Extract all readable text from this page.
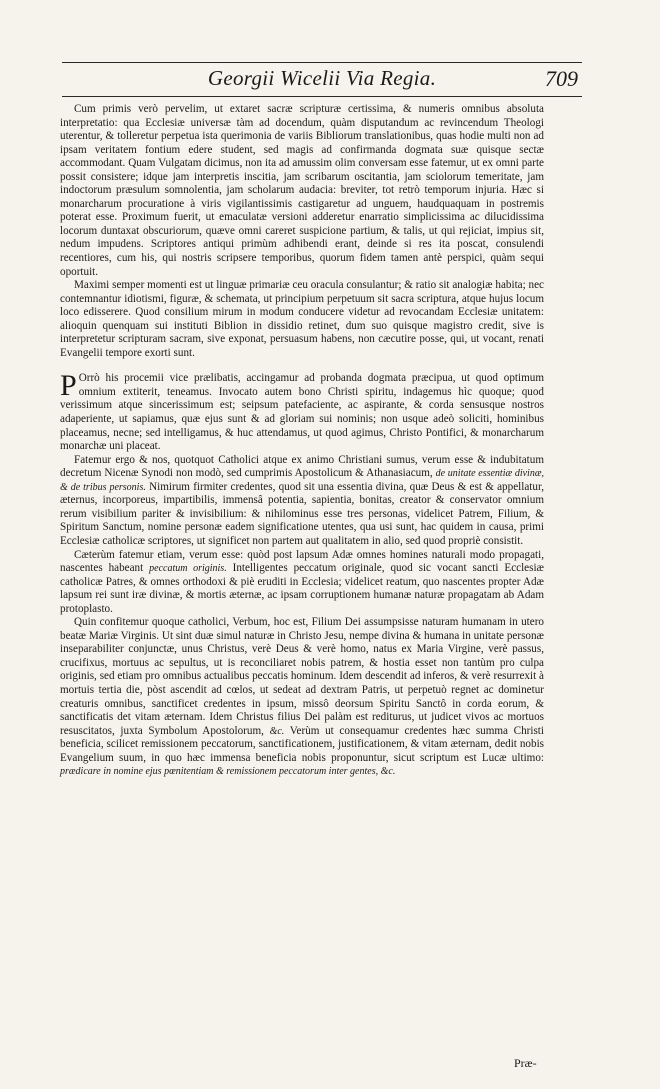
Georgii Wicelii Via Regia.	709

Cum primis verò pervelim, ut extaret sacræ scripturæ certissima, & numeris omnibus absoluta interpretatio: qua Ecclesiæ universæ tàm ad docendum, quàm disputandum ac revincendum Theologi uterentur, & tolleretur perpetua ista querimonia de variis Bibliorum translationibus, quas hodie multi non ad ipsam veritatem fontium edere student, sed magis ad confirmanda dogmata suæ quisque sectæ accommodant. Quam Vulgatam dicimus, non ita ad amussim olim conversam esse fatemur, ut ex omni parte possit consistere; idque jam interpretis inscitia, jam scribarum oscitantia, jam sciolorum temeritate, jam indoctorum præsulum somnolentia, jam scholarum audacia: breviter, tot retrò temporum injuria. Hæc si monarcharum procuratione à viris vigilantissimis castigaretur ad unguem, haudquaquam in postremis poterat esse. Proximum fuerit, ut emaculatæ versioni adderetur enarratio simplicissima ac dilucidissima locorum duntaxat obscuriorum, quæve omni careret suspicione partium, & talis, ut qui rejiciat, impius sit, nedum impudens. Scriptores antiqui primùm adhibendi erant, deinde si res ita poscat, consulendi recentiores, cum his, qui nostris scripsere temporibus, quorum fidem tamen antè perspici, quàm sequi oportuit.

Maximi semper momenti est ut linguæ primariæ ceu oracula consulantur; & ratio sit analogiæ habita; nec contemnantur idiotismi, figuræ, & schemata, ut principium perpetuum sit sacra scriptura, atque hujus locum loco edisserere. Quod consilium mirum in modum conducere videtur ad revocandam Ecclesiæ unitatem: alioquin quenquam sui instituti Biblion in dissidio retinet, dum suo quisque magistro credit, sive is interpretetur scripturam sacram, sive exponat, persuasum habens, non cæcutire posse, qui, ut vocant, renati Evangelii tempore exorti sunt.

P Orrò his procemii vice prælibatis, accingamur ad probanda dogmata præcipua, ut quod optimum omnium extiterit, teneamus. Invocato autem bono Christi spiritu, indagemus hìc quoque; quod verissimum atque sincerissimum est; seipsum patefaciente, ac aspirante, & corda sensusque nostros adaperiente, ut sapiamus, quæ ejus sunt & ad gloriam sui nominis; non usque adeò soliciti, hominibus placeamus, necne; sed intelligamus, & huc attendamus, ut quod agimus, Christo Pontifici, & monarcharum monarchæ uni placeat.

Fatemur ergo & nos, quotquot Catholici atque ex animo Christiani sumus, verum esse & indubitatum decretum Nicenæ Synodi non modò, sed cumprimis Apostolicum & Athanasiacum, de unitate essentiæ divinæ, & de tribus personis. Nimirum firmiter credentes, quod sit una essentia divina, quæ Deus & est & appellatur, æternus, incorporeus, impartibilis, immensâ potentia, sapientia, bonitas, creator & conservator omnium rerum visibilium pariter & invisibilium: & nihilominus esse tres personas, videlicet Patrem, Filium, & Spiritum Sanctum, nomine personæ eadem significatione utentes, qua usi sunt, hac quidem in causa, primi Ecclesiæ catholicæ scriptores, ut significet non partem aut qualitatem in alio, sed quod propriè consistit.

Cæterùm fatemur etiam, verum esse: quòd post lapsum Adæ omnes homines naturali modo propagati, nascentes habeant peccatum originis. Intelligentes peccatum originale, quod sic vocant sancti Ecclesiæ catholicæ Patres, & omnes orthodoxi & piè eruditi in Ecclesia; videlicet reatum, quo nascentes propter Adæ lapsum rei sunt iræ divinæ, & mortis æternæ, ac ipsam corruptionem humanæ naturæ propagatam ab Adam protoplasto.

Quin confitemur quoque catholici, Verbum, hoc est, Filium Dei assumpsisse naturam humanam in utero beatæ Mariæ Virginis. Ut sint duæ simul naturæ in Christo Jesu, nempe divina & humana in unitate personæ inseparabiliter conjunctæ, unus Christus, verè Deus & verè homo, natus ex Maria Virgine, verè passus, crucifixus, mortuus ac sepultus, ut is reconciliaret nobis patrem, & hostia esset non tantùm pro culpa originis, sed etiam pro omnibus actualibus peccatis hominum. Idem descendit ad inferos, & verè resurrexit à mortuis tertia die, pòst ascendit ad cœlos, ut sedeat ad dextram Patris, ut perpetuò regnet ac dominetur creaturis omnibus, sanctificet credentes in ipsum, missô deorsum Spiritu Sanctô in corda eorum, & sanctificatis det vitam æternam. Idem Christus filius Dei palàm est rediturus, ut judicet vivos ac mortuos resuscitatos, juxta Symbolum Apostolorum, &c. Verùm ut consequamur credentes hæc summa Christi beneficia, scilicet remissionem peccatorum, sanctificationem, justificationem, & vitam æternam, dedit nobis Evangelium suum, in quo hæc immensa beneficia nobis proponuntur, sicut scriptum est Lucæ ultimo: prædicare in nomine ejus pœnitentiam & remissionem peccatorum inter gentes, &c.

Præ-
